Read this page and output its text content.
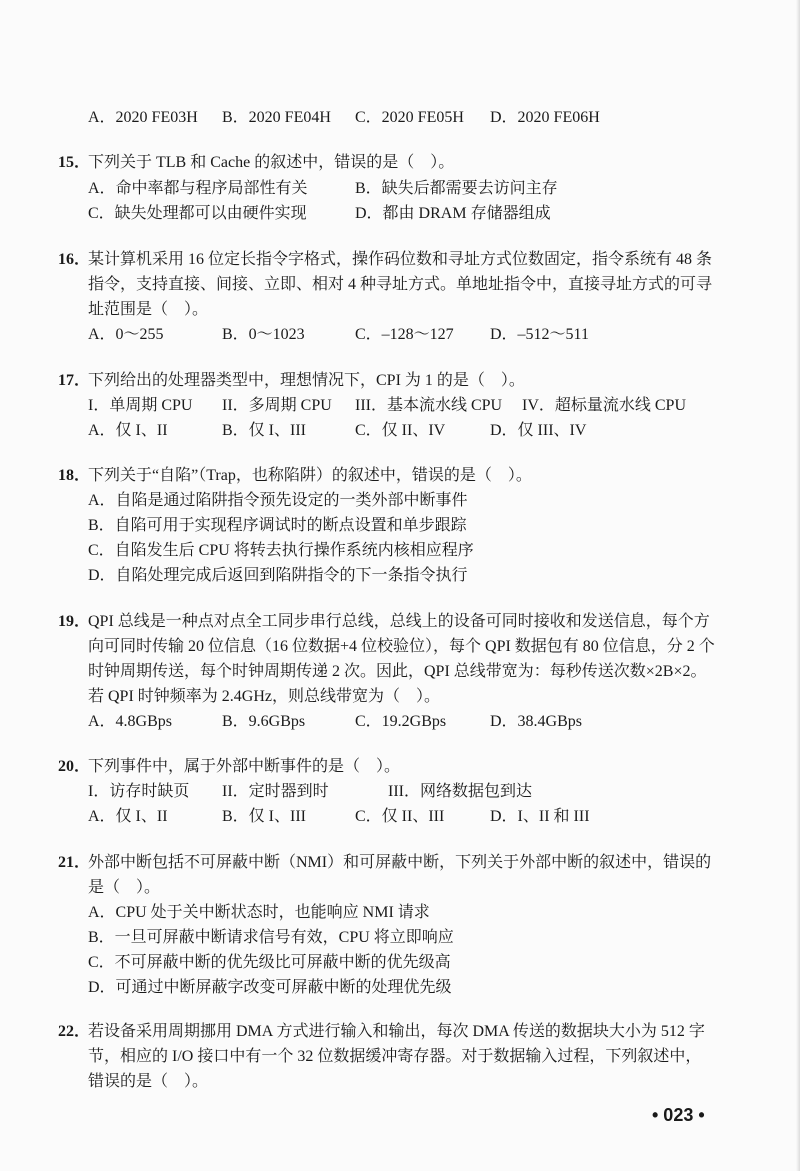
A．2020 FE03H B．2020 FE04H C．2020 FE05H D．2020 FE06H
15．
下列关于 TLB 和 Cache 的叙述中，错误的是（　）。
A．命中率都与程序局部性有关	B．缺失后都需要去访问主存
C．缺失处理都可以由硬件实现	D．都由 DRAM 存储器组成
16．
某计算机采用 16 位定长指令字格式，操作码位数和寻址方式位数固定，指令系统有 48 条
指令，支持直接、间接、立即、相对 4 种寻址方式。单地址指令中，直接寻址方式的可寻
址范围是（　）。
A．0～255	B．0～1023	C．–128～127 D．–512～511
17．
下列给出的处理器类型中，理想情况下，CPI 为 1 的是（　）。
I．单周期 CPU II．多周期 CPU III．基本流水线 CPU IV．超标量流水线 CPU
A．仅 I、II	B．仅 I、III	C．仅 II、IV	D．仅 III、IV
18．
下列关于“自陷”（Trap，也称陷阱）的叙述中，错误的是（　）。
A．自陷是通过陷阱指令预先设定的一类外部中断事件
B．自陷可用于实现程序调试时的断点设置和单步跟踪
C．自陷发生后 CPU 将转去执行操作系统内核相应程序
D．自陷处理完成后返回到陷阱指令的下一条指令执行
19．
QPI 总线是一种点对点全工同步串行总线，总线上的设备可同时接收和发送信息，每个方
向可同时传输 20 位信息（16 位数据+4 位校验位），每个 QPI 数据包有 80 位信息，分 2 个
时钟周期传送，每个时钟周期传递 2 次。因此，QPI 总线带宽为：每秒传送次数×2B×2。
若 QPI 时钟频率为 2.4GHz，则总线带宽为（　）。
A．4.8GBps	B．9.6GBps	C．19.2GBps	D．38.4GBps
20．
下列事件中，属于外部中断事件的是（　）。
I．访存时缺页 II．定时器到时	III．网络数据包到达
A．仅 I、II	B．仅 I、III	C．仅 II、III	D．I、II 和 III
21．
外部中断包括不可屏蔽中断（NMI）和可屏蔽中断，下列关于外部中断的叙述中，错误的
是（　）。
A．CPU 处于关中断状态时，也能响应 NMI 请求
B．一旦可屏蔽中断请求信号有效，CPU 将立即响应
C．不可屏蔽中断的优先级比可屏蔽中断的优先级高
D．可通过中断屏蔽字改变可屏蔽中断的处理优先级
22．
若设备采用周期挪用 DMA 方式进行输入和输出，每次 DMA 传送的数据块大小为 512 字
节，相应的 I/O 接口中有一个 32 位数据缓冲寄存器。对于数据输入过程，下列叙述中，
错误的是（　）。
• 023 •
